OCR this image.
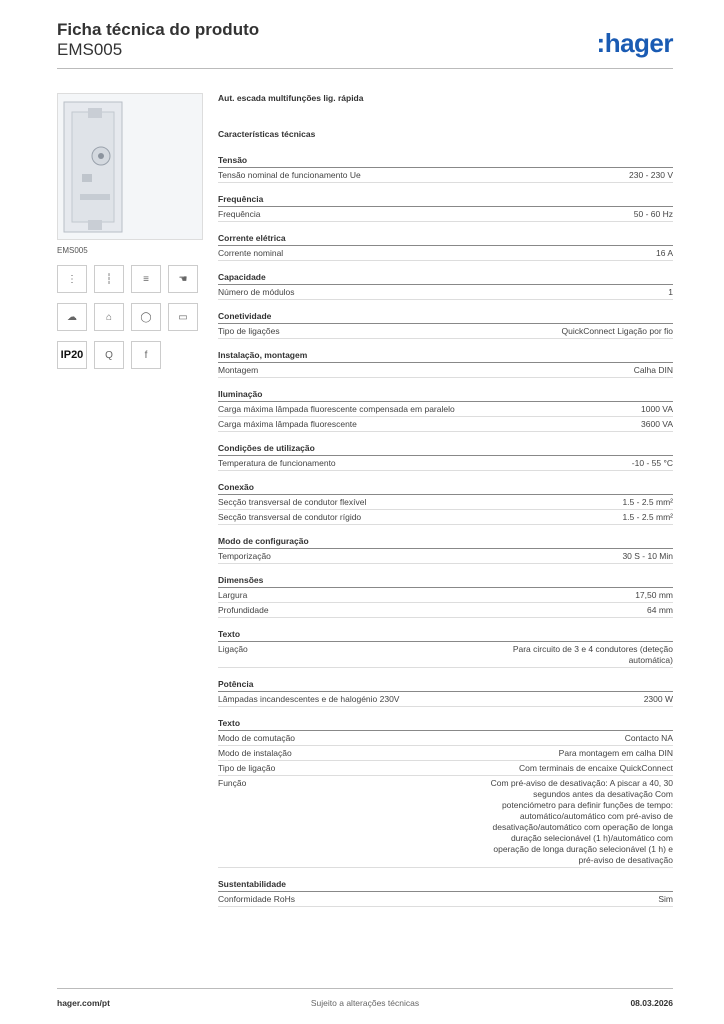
Ficha técnica do produto
EMS005	:hager
EMS005
⋮	┆	≡	☚
☁	⌂	◯	▭
IP20	Q	f
Aut. escada multifunções lig. rápida
Características técnicas
Tensão
Tensão nominal de funcionamento Ue	230 - 230 V
Frequência
Frequência	50 - 60 Hz
Corrente elétrica
Corrente nominal	16 A
Capacidade
Número de módulos	1
Conetividade
Tipo de ligações	QuickConnect Ligação por fio
Instalação, montagem
Montagem	Calha DIN
Iluminação
Carga máxima lâmpada fluorescente compensada em paralelo	1000 VA
Carga máxima lâmpada fluorescente	3600 VA
Condições de utilização
Temperatura de funcionamento	-10 - 55 °C
Conexão
Secção transversal de condutor flexível	1.5 - 2.5 mm²
Secção transversal de condutor rígido	1.5 - 2.5 mm²
Modo de configuração
Temporização	30 S - 10 Min
Dimensões
Largura	17,50 mm
Profundidade	64 mm
Texto
Ligação	Para circuito de 3 e 4 condutores (deteção automática)
Potência
Lâmpadas incandescentes e de halogénio 230V	2300 W
Texto
Modo de comutação	Contacto NA
Modo de instalação	Para montagem em calha DIN
Tipo de ligação	Com terminais de encaixe QuickConnect
Função	Com pré-aviso de desativação: A piscar a 40, 30 segundos antes da desativação Com potenciómetro para definir funções de tempo: automático/automático com pré-aviso de desativação/automático com operação de longa duração selecionável (1 h)/automático com operação de longa duração selecionável (1 h) e pré-aviso de desativação
Sustentabilidade
Conformidade RoHs	Sim
hager.com/pt	Sujeito a alterações técnicas	08.03.2026
